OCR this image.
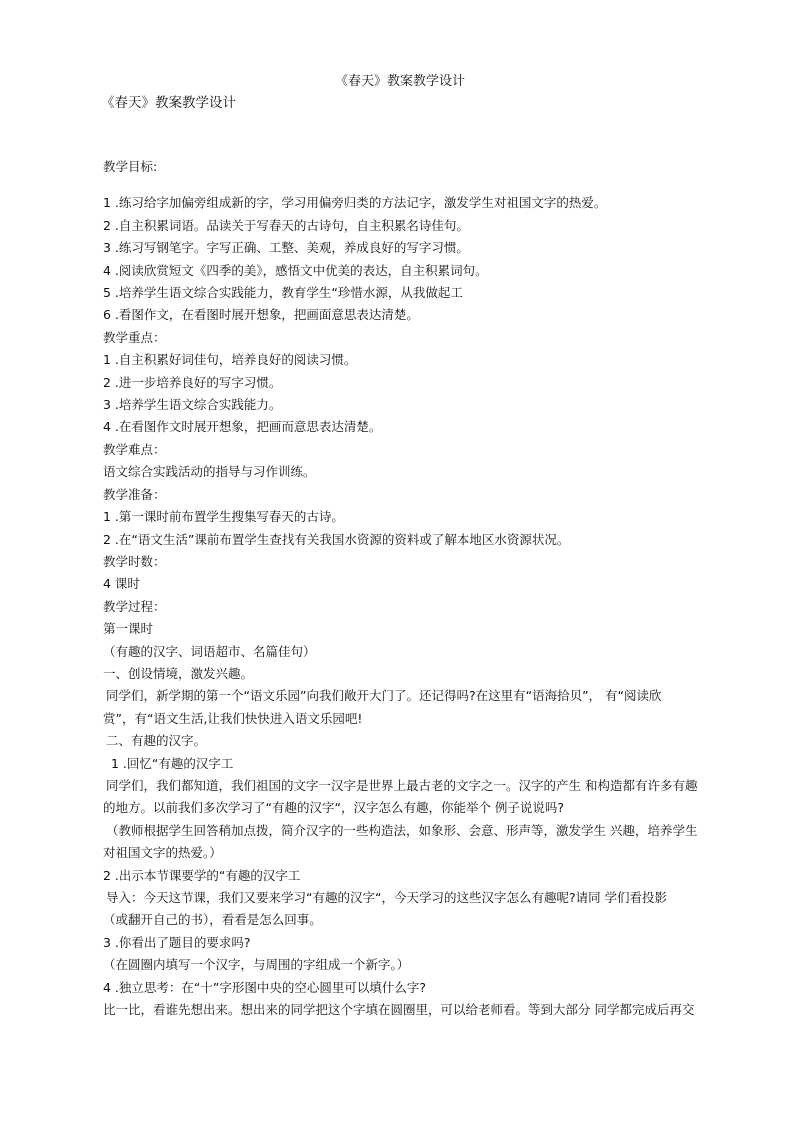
《春天》教案教学设计
《春天》教案教学设计

教学目标:

1 .练习给字加偏旁组成新的字，学习用偏旁归类的方法记字，激发学生对祖国文字的热爱。

2 .自主积累词语。品读关于写春天的古诗句，自主积累名诗佳句。

3 .练习写钢笔字。字写正确、工整、美观，养成良好的写字习惯。

4 .阅读欣赏短文《四季的美》，感悟文中优美的表达，自主积累词句。

5 .培养学生语文综合实践能力，教育学生“珍惜水源，从我做起工

6 .看图作文，在看图时展开想象，把画面意思表达清楚。

教学重点：

1 .自主积累好词佳句，培养良好的阅读习惯。

2 .进一步培养良好的写字习惯。

3 .培养学生语文综合实践能力。

4 .在看图作文时展开想象，把画而意思表达清楚。

教学难点：

语文综合实践活动的指导与习作训练。

教学准备：

1 .第一课时前布置学生搜集写春天的古诗。

2 .在“语文生活”课前布置学生查找有关我国水资源的资料或了解本地区水资源状况。

教学时数：

4 课时

教学过程：

第一课时

（有趣的汉字、词语超市、名篇佳句）

一、创设情境，激发兴趣。

同学们，新学期的第一个“语文乐园”向我们敞开大门了。还记得吗?在这里有“语海拾贝”， 有“阅读欣

赏”，有“语文生活,让我们快快进入语文乐园吧!

二、有趣的汉字。

1 .回忆“有趣的汉字工

同学们，我们都知道，我们祖国的文字一汉字是世界上最古老的文字之一。汉字的产生 和构造都有许多有趣

的地方。以前我们多次学习了“有趣的汉字“，汉字怎么有趣，你能举个 例子说说吗?

（教师根据学生回答稍加点拨，简介汉字的一些构造法，如象形、会意、形声等，激发学生 兴趣，培养学生

对祖国文字的热爱。）

2 .出示本节课要学的“有趣的汉字工

导入：今天这节课，我们又要来学习“有趣的汉字“，今天学习的这些汉字怎么有趣呢?请同 学们看投影

（或翻开自己的书），看看是怎么回事。

3 .你看出了题目的要求吗?

（在圆圈内填写一个汉字，与周围的字组成一个新字。）

4 .独立思考：在“十”字形图中央的空心圆里可以填什么字?

比一比，看谁先想出来。想出来的同学把这个字填在圆圈里，可以给老师看。等到大部分 同学都完成后再交
